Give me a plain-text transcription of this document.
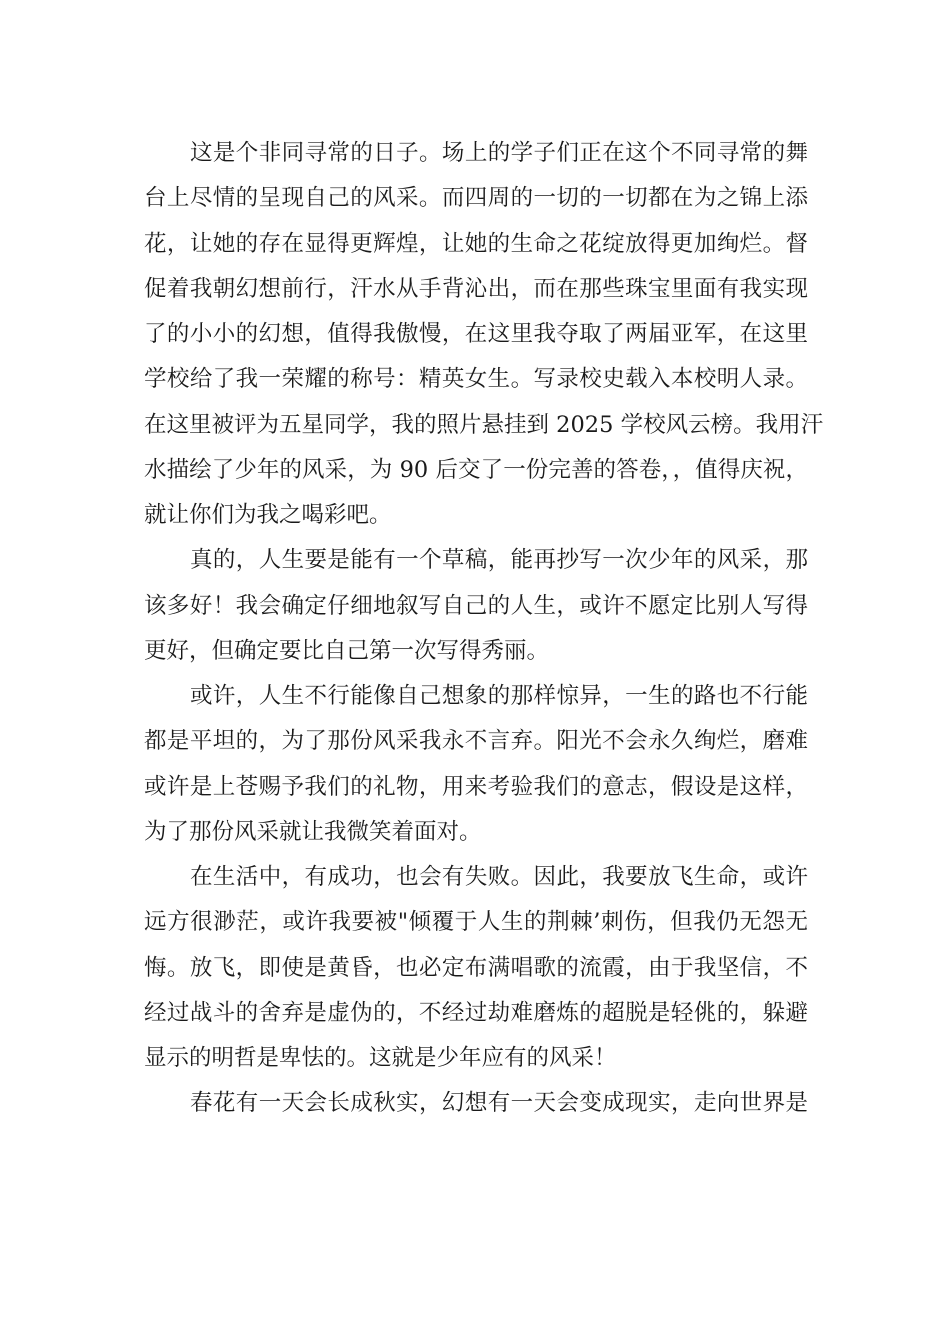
这是个非同寻常的日子。场上的学子们正在这个不同寻常的舞
台上尽情的呈现自己的风采。而四周的一切的一切都在为之锦上添
花，让她的存在显得更辉煌，让她的生命之花绽放得更加绚烂。督
促着我朝幻想前行，汗水从手背沁出，而在那些珠宝里面有我实现
了的小小的幻想，值得我傲慢，在这里我夺取了两届亚军，在这里
学校给了我一荣耀的称号：精英女生。写录校史载入本校明人录。
在这里被评为五星同学，我的照片悬挂到 2025 学校风云榜。我用汗
水描绘了少年的风采，为 90 后交了一份完善的答卷，，值得庆祝，
就让你们为我之喝彩吧。
真的，人生要是能有一个草稿，能再抄写一次少年的风采，那
该多好！我会确定仔细地叙写自己的人生，或许不愿定比别人写得
更好，但确定要比自己第一次写得秀丽。
或许，人生不行能像自己想象的那样惊异，一生的路也不行能
都是平坦的，为了那份风采我永不言弃。阳光不会永久绚烂，磨难
或许是上苍赐予我们的礼物，用来考验我们的意志，假设是这样，
为了那份风采就让我微笑着面对。
在生活中，有成功，也会有失败。因此，我要放飞生命，或许
远方很渺茫，或许我要被"倾覆于人生的荆棘’刺伤，但我仍无怨无
悔。放飞，即使是黄昏，也必定布满唱歌的流霞，由于我坚信，不
经过战斗的舍弃是虚伪的，不经过劫难磨炼的超脱是轻佻的，躲避
显示的明哲是卑怯的。这就是少年应有的风采！
春花有一天会长成秋实，幻想有一天会变成现实，走向世界是
